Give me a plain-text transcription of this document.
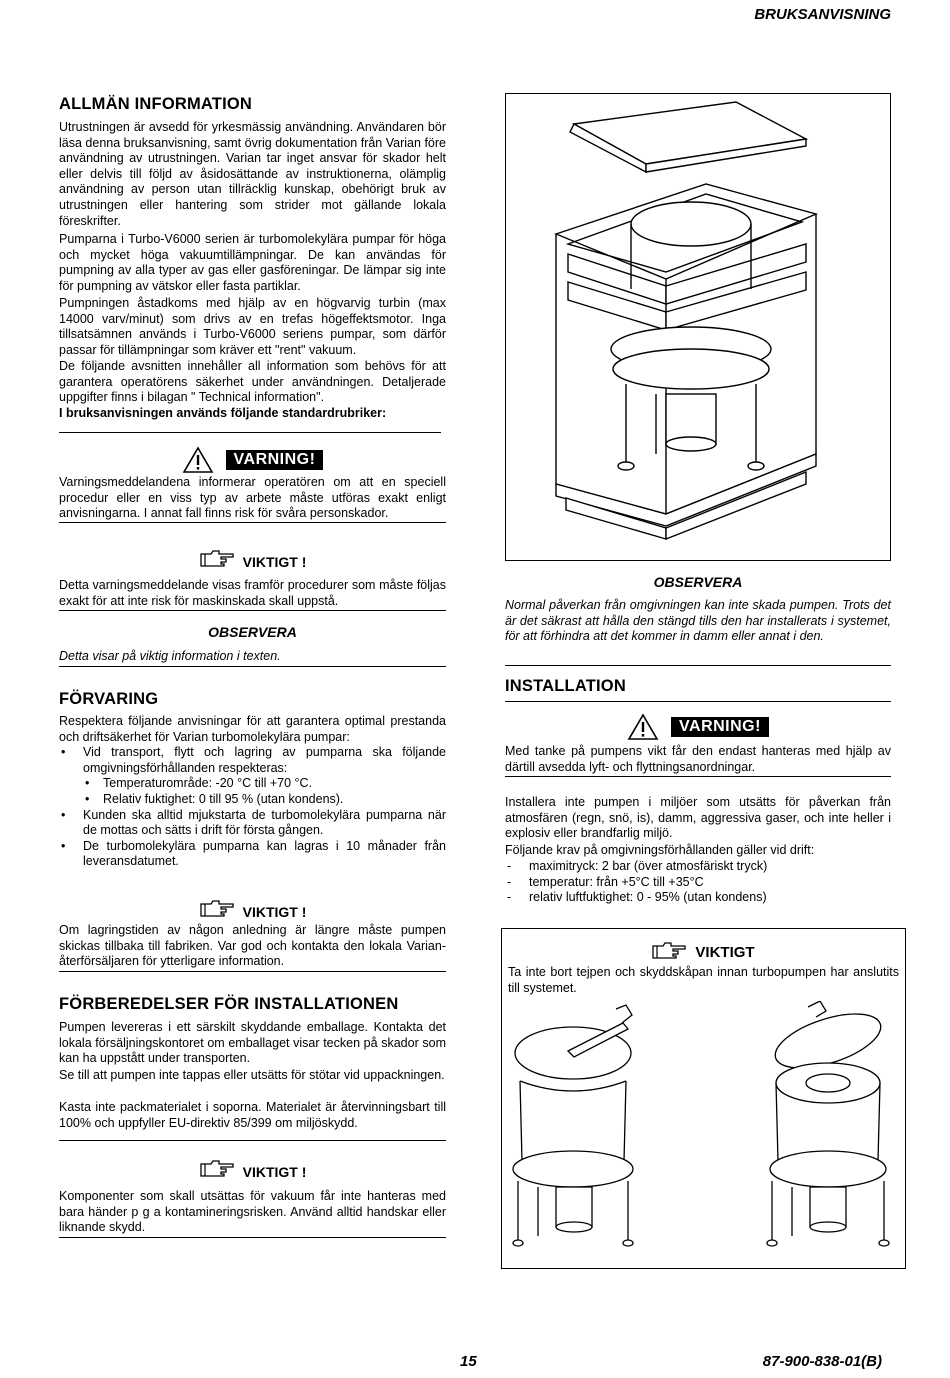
BRUKSANVISNING
ALLMÄN INFORMATION

Utrustningen är avsedd för yrkesmässig användning. Användaren bör läsa denna bruksanvisning, samt övrig dokumentation från Varian före användning av utrustningen. Varian tar inget ansvar för skador helt eller delvis till följd av åsidosättande av instruktionerna, olämplig användning av person utan tillräcklig kunskap, obehörigt bruk av utrustningen eller hantering som strider mot gällande lokala föreskrifter.

Pumparna i Turbo-V6000 serien är turbomolekylära pumpar för höga och mycket höga vakuumtillämpningar. De kan användas för pumpning av alla typer av gas eller gasföreningar. De lämpar sig inte för pumpning av vätskor eller fasta partiklar.

Pumpningen åstadkoms med hjälp av en högvarvig turbin (max 14000 varv/minut) som drivs av en trefas högeffektsmotor. Inga tillsatsämnen används i Turbo-V6000 seriens pumpar, som därför passar för tillämpningar som kräver ett "rent" vakuum.

De följande avsnitten innehåller all information som behövs för att garantera operatörens säkerhet under användningen. Detaljerade uppgifter finns i bilagan " Technical information".

I bruksanvisningen används följande standardrubriker:

VARNING!

Varningsmeddelandena informerar operatören om att en speciell procedur eller en viss typ av arbete måste utföras exakt enligt anvisningarna. I annat fall finns risk för svåra personskador.

VIKTIGT !

Detta varningsmeddelande visas framför procedurer som måste följas exakt för att inte risk för maskinskada skall uppstå.

OBSERVERA

Detta visar på viktig information i texten.

FÖRVARING

Respektera följande anvisningar för att garantera optimal prestanda och driftsäkerhet för Varian turbomolekylära pumpar:

• Vid transport, flytt och lagring av pumparna ska följande omgivningsförhållanden respekteras:
• Temperaturområde: -20 °C till +70 °C.
• Relativ fuktighet: 0 till 95 % (utan kondens).
• Kunden ska alltid mjukstarta de turbomolekylära pumparna när de mottas och sätts i drift för första gången.
• De turbomolekylära pumparna kan lagras i 10 månader från leveransdatumet.
VIKTIGT !

Om lagringstiden av någon anledning är längre måste pumpen skickas tillbaka till fabriken. Var god och kontakta den lokala Varian-återförsäljaren för ytterligare information.

FÖRBEREDELSER FÖR INSTALLATIONEN

Pumpen levereras i ett särskilt skyddande emballage. Kontakta det lokala försäljningskontoret om emballaget visar tecken på skador som kan ha uppstått under transporten.

Se till att pumpen inte tappas eller utsätts för stötar vid uppackningen.

Kasta inte packmaterialet i soporna. Materialet är återvinningsbart till 100% och uppfyller EU-direktiv 85/399 om miljöskydd.

VIKTIGT !

Komponenter som skall utsättas för vakuum får inte hanteras med bara händer p g a kontamineringsrisken. Använd alltid handskar eller liknande skydd.

OBSERVERA

Normal påverkan från omgivningen kan inte skada pumpen. Trots det är det säkrast att hålla den stängd tills den har installerats i systemet, för att förhindra att det kommer in damm eller annat i den.

INSTALLATION
VARNING!

Med tanke på pumpens vikt får den endast hanteras med hjälp av därtill avsedda lyft- och flyttningsanordningar.

Installera inte pumpen i miljöer som utsätts för påverkan från atmosfären (regn, snö, is), damm, aggressiva gaser, och inte heller i explosiv eller brandfarlig miljö.

Följande krav på omgivningsförhållanden gäller vid drift:

- maximitryck: 2 bar (över atmosfäriskt tryck)
- temperatur: från +5°C till +35°C
- relativ luftfuktighet: 0 - 95% (utan kondens)
VIKTIGT

Ta inte bort tejpen och skyddskåpan innan turbopumpen har anslutits till systemet.

15	87-900-838-01(B)
